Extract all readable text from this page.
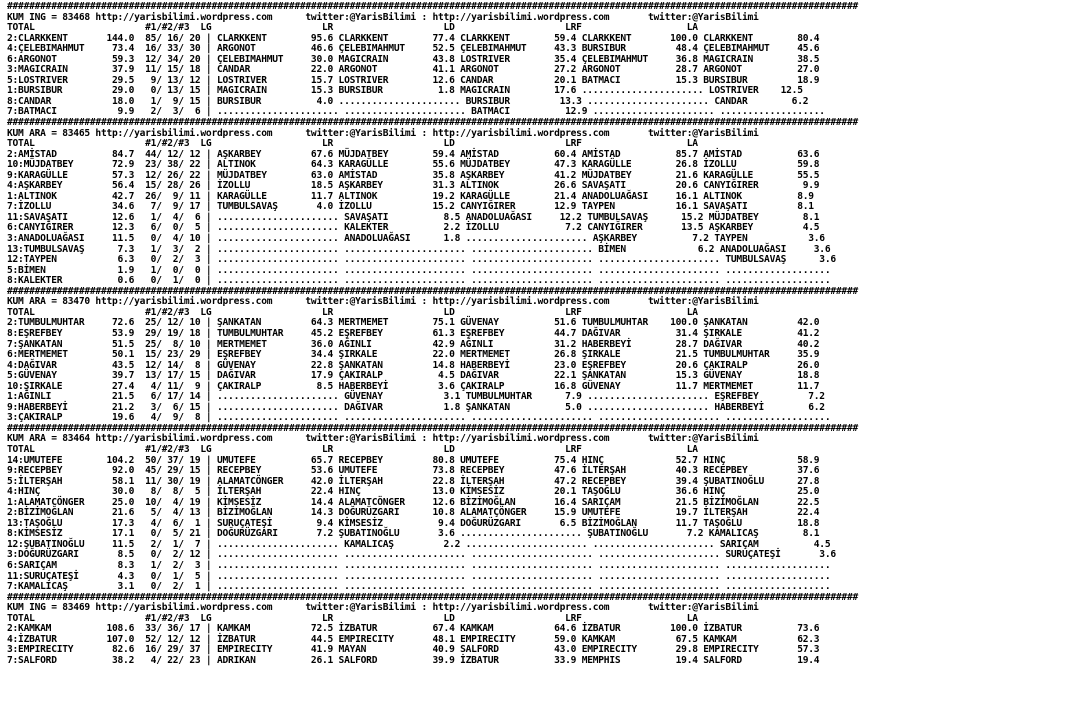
##########################################################################################################################################################
KUM ING = 83468 http://yarisbilimi.wordpress.com      twitter:@YarisBilimi : http://yarisbilimi.wordpress.com       twitter:@YarisBilimi
TOTAL                    #1/#2/#3  LG                    LR                    LD                    LRF                   LA
2:CLARKKENT       144.0  85/ 16/ 20 | CLARKKENT        95.6 CLARKKENT        77.4 CLARKKENT        59.4 CLARKKENT       100.0 CLARKKENT        80.4
4:ÇELEBIMAHMUT     73.4  16/ 33/ 30 | ARGONOT          46.6 ÇELEBIMAHMUT     52.5 ÇELEBIMAHMUT     43.3 BURSIBUR         48.4 ÇELEBIMAHMUT     45.6
6:ARGONOT          59.3  12/ 34/ 20 | ÇELEBIMAHMUT     30.0 MAGICRAIN        43.8 LOSTRIVER        35.4 ÇELEBIMAHMUT     36.8 MAGICRAIN        38.5
3:MAGICRAIN        37.9  11/ 15/ 18 | CANDAR           22.0 ARGONOT          41.1 ARGONOT          27.2 ARGONOT          28.7 ARGONOT          27.0
5:LOSTRIVER        29.5   9/ 13/ 12 | LOSTRIVER        15.7 LOSTRIVER        12.6 CANDAR           20.1 BATMACI          15.3 BURSIBUR         18.9
1:BURSIBUR         29.0   0/ 13/ 15 | MAGICRAIN        15.3 BURSIBUR          1.8 MAGICRAIN        17.6 ...................... LOSTRIVER    12.5
8:CANDAR           18.0   1/  9/ 15 | BURSIBUR          4.0 ...................... BURSIBUR         13.3 ...................... CANDAR        6.2
7:BATMACI           9.9   2/  3/  6 | ...................... ...................... BATMACI          12.9 ...................... ...................
##########################################################################################################################################################
KUM ARA = 83465 http://yarisbilimi.wordpress.com      twitter:@YarisBilimi : http://yarisbilimi.wordpress.com       twitter:@YarisBilimi
TOTAL                    #1/#2/#3  LG                    LR                    LD                    LRF                   LA
2:AMİSTAD          84.7  44/ 12/ 12 | AŞKARBEY         67.6 MÜJDATBEY        59.4 AMİSTAD          60.4 AMİSTAD          85.7 AMİSTAD          63.6
10:MÜJDATBEY       72.9  23/ 38/ 22 | ALTINOK          64.3 KARAGÜLLE        55.6 MÜJDATBEY        47.3 KARAGÜLLE        26.8 İZOLLU           59.8
9:KARAGÜLLE        57.3  12/ 26/ 22 | MÜJDATBEY        63.0 AMİSTAD          35.8 AŞKARBEY         41.2 MÜJDATBEY        21.6 KARAGÜLLE        55.5
4:AŞKARBEY         56.4  15/ 28/ 26 | İZOLLU           18.5 AŞKARBEY         31.3 ALTINOK          26.6 SAVAŞATI         20.6 CANYIĞIRER        9.9
1:ALTINOK          42.7  26/  9/ 11 | KARAGÜLLE        11.7 ALTINOK          19.2 KARAGÜLLE        21.4 ANADOLUAĞASI     16.1 ALTINOK          8.9
7:İZOLLU           34.6   7/  9/ 17 | TUMBULSAVAŞ       4.0 İZOLLU           15.2 CANYIĞIRER       12.9 TAYPEN           16.1 SAVAŞATI         8.1
11:SAVAŞATI        12.6   1/  4/  6 | ...................... SAVAŞATI          8.5 ANADOLUAĞASI     12.2 TUMBULSAVAŞ      15.2 MÜJDATBEY        8.1
6:CANYIĞIRER       12.3   6/  0/  5 | ...................... KALEKTER          2.2 İZOLLU            7.2 CANYIĞIRER       13.5 AŞKARBEY         4.5
3:ANADOLUAĞASI     11.5   0/  4/ 10 | ...................... ANADOLUAĞASI      1.8 ...................... AŞKARBEY          7.2 TAYPEN           3.6
13:TUMBULSAVAŞ      7.3   1/  3/  2 | ...................... ...................... ...................... BİMEN             6.2 ANADOLUAĞASI     3.6
12:TAYPEN           6.3   0/  2/  3 | ...................... ...................... ...................... ...................... TUMBULSAVAŞ      3.6
5:BİMEN             1.9   1/  0/  0 | ...................... ...................... ...................... ...................... ...................
8:KALEKTER          0.6   0/  1/  0 | ...................... ...................... ...................... ...................... ...................
##########################################################################################################################################################
KUM ARA = 83470 http://yarisbilimi.wordpress.com      twitter:@YarisBilimi : http://yarisbilimi.wordpress.com       twitter:@YarisBilimi
TOTAL                    #1/#2/#3  LG                    LR                    LD                    LRF                   LA
2:TUMBULMUHTAR     72.6  25/ 12/ 10 | ŞANKATAN         64.3 MERTMEMET        75.1 GÜVENAY          51.6 TUMBULMUHTAR    100.0 ŞANKATAN         42.0
8:EŞREFBEY         53.9  29/ 19/ 18 | TUMBULMUHTAR     45.2 EŞREFBEY         61.3 EŞREFBEY         44.7 DAĞIVAR          31.4 ŞIRKALE          41.2
7:ŞANKATAN         51.5  25/  8/ 10 | MERTMEMET        36.0 AĞINLI           42.9 AĞINLI           31.2 HABERBEYİ        28.7 DAĞIVAR          40.2
6:MERTMEMET        50.1  15/ 23/ 29 | EŞREFBEY         34.4 ŞIRKALE          22.0 MERTMEMET        26.8 ŞIRKALE          21.5 TUMBULMUHTAR     35.9
4:DAĞIVAR          43.5  12/ 14/  8 | GÜVENAY          22.8 ŞANKATAN         14.8 HABERBEYİ        23.0 EŞREFBEY         20.6 ÇAKIRALP         26.0
5:GÜVENAY          39.7  13/ 17/ 15 | DAĞIVAR          17.9 ÇAKIRALP          4.5 DAĞIVAR          22.1 ŞANKATAN         15.3 GÜVENAY          18.8
10:ŞIRKALE         27.4   4/ 11/  9 | ÇAKIRALP          8.5 HABERBEYİ         3.6 ÇAKIRALP         16.8 GÜVENAY          11.7 MERTMEMET        11.7
1:AĞINLI           21.5   6/ 17/ 14 | ...................... GÜVENAY           3.1 TUMBULMUHTAR      7.9 ...................... EŞREFBEY         7.2
9:HABERBEYİ        21.2   3/  6/ 15 | ...................... DAĞIVAR           1.8 ŞANKATAN          5.0 ...................... HABERBEYİ        6.2
3:ÇAKIRALP         19.6   4/  9/  8 | ...................... ...................... ...................... ...................... ...................
##########################################################################################################################################################
KUM ARA = 83464 http://yarisbilimi.wordpress.com      twitter:@YarisBilimi : http://yarisbilimi.wordpress.com       twitter:@YarisBilimi
TOTAL                    #1/#2/#3  LG                    LR                    LD                    LRF                   LA
14:UMUTEFE        104.2  50/ 37/ 19 | UMUTEFE          65.7 RECEPBEY         80.8 UMUTEFE          75.4 HINÇ             52.7 HINÇ             58.9
9:RECEPBEY         92.0  45/ 29/ 15 | RECEPBEY         53.6 UMUTEFE          73.8 RECEPBEY         47.6 İLTERŞAH         40.3 RECEPBEY         37.6
5:İLTERŞAH         58.1  11/ 30/ 19 | ALAMATCÖNGER     42.0 İLTERŞAH         22.8 İLTERŞAH         47.2 RECEPBEY         39.4 ŞUBATINOĞLU      27.8
4:HINÇ             30.0   8/  8/  5 | İLTERŞAH         22.4 HINÇ             13.0 KİMSESİZ         20.1 TAŞOĞLU          36.6 HINÇ             25.0
1:ALAMATCÖNGER     25.0  10/  4/ 19 | KİMSESİZ         14.4 ALAMATCÖNGER     12.6 BİZİMOĞLAN       16.4 SARIÇAM          21.5 BİZİMOĞLAN       22.5
2:BİZİMOĞLAN       21.6   5/  4/ 13 | BİZİMOĞLAN       14.3 DOĞURÜZGARI      10.8 ALAMATÇÖNGER     15.9 UMUTEFE          19.7 İLTERŞAH         22.4
13:TAŞOĞLU         17.3   4/  6/  1 | SURUÇATEŞİ        9.4 KİMSESİZ          9.4 DOĞURÜZGARI       6.5 BİZİMOĞLAN       11.7 TAŞOĞLU          18.8
8:KİMSESİZ         17.1   0/  5/ 21 | DOĞURÜZGARI       7.2 ŞUBATINOĞLU       3.6 ...................... ŞUBATINOĞLU       7.2 KAMALICAŞ        8.1
12:ŞUBATINOĞLU     11.5   2/  1/  7 | ...................... KAMALICAŞ         2.2 ...................... ...................... SARIÇAM          4.5
3:DOĞURÜZGARI       8.5   0/  2/ 12 | ...................... ...................... ...................... ...................... SURUÇATEŞİ       3.6
6:SARIÇAM           8.3   1/  2/  3 | ...................... ...................... ...................... ...................... ...................
11:SURUÇATEŞİ       4.3   0/  1/  5 | ...................... ...................... ...................... ...................... ...................
7:KAMALICAŞ         3.1   0/  2/  1 | ...................... ...................... ...................... ...................... ...................
##########################################################################################################################################################
KUM ING = 83469 http://yarisbilimi.wordpress.com      twitter:@YarisBilimi : http://yarisbilimi.wordpress.com       twitter:@YarisBilimi
TOTAL                    #1/#2/#3  LG                    LR                    LD                    LRF                   LA
2:KAMKAM          108.6  33/ 36/ 17 | KAMKAM           72.5 İZBATUR          67.4 KAMKAM           64.6 İZBATUR         100.0 İZBATUR          73.6
4:İZBATUR         107.0  52/ 12/ 12 | İZBATUR          44.5 EMPIRECITY       48.1 EMPIRECITY       59.0 KAMKAM           67.5 KAMKAM           62.3
3:EMPIRECITY       82.6  16/ 29/ 37 | EMPIRECITY       41.9 MAYAN            40.9 SALFORD          43.0 EMPIRECITY       29.8 EMPIRECITY       57.3
7:SALFORD          38.2   4/ 22/ 23 | ADRIKAN          26.1 SALFORD          39.9 İZBATUR          33.9 MEMPHIS          19.4 SALFORD          19.4
